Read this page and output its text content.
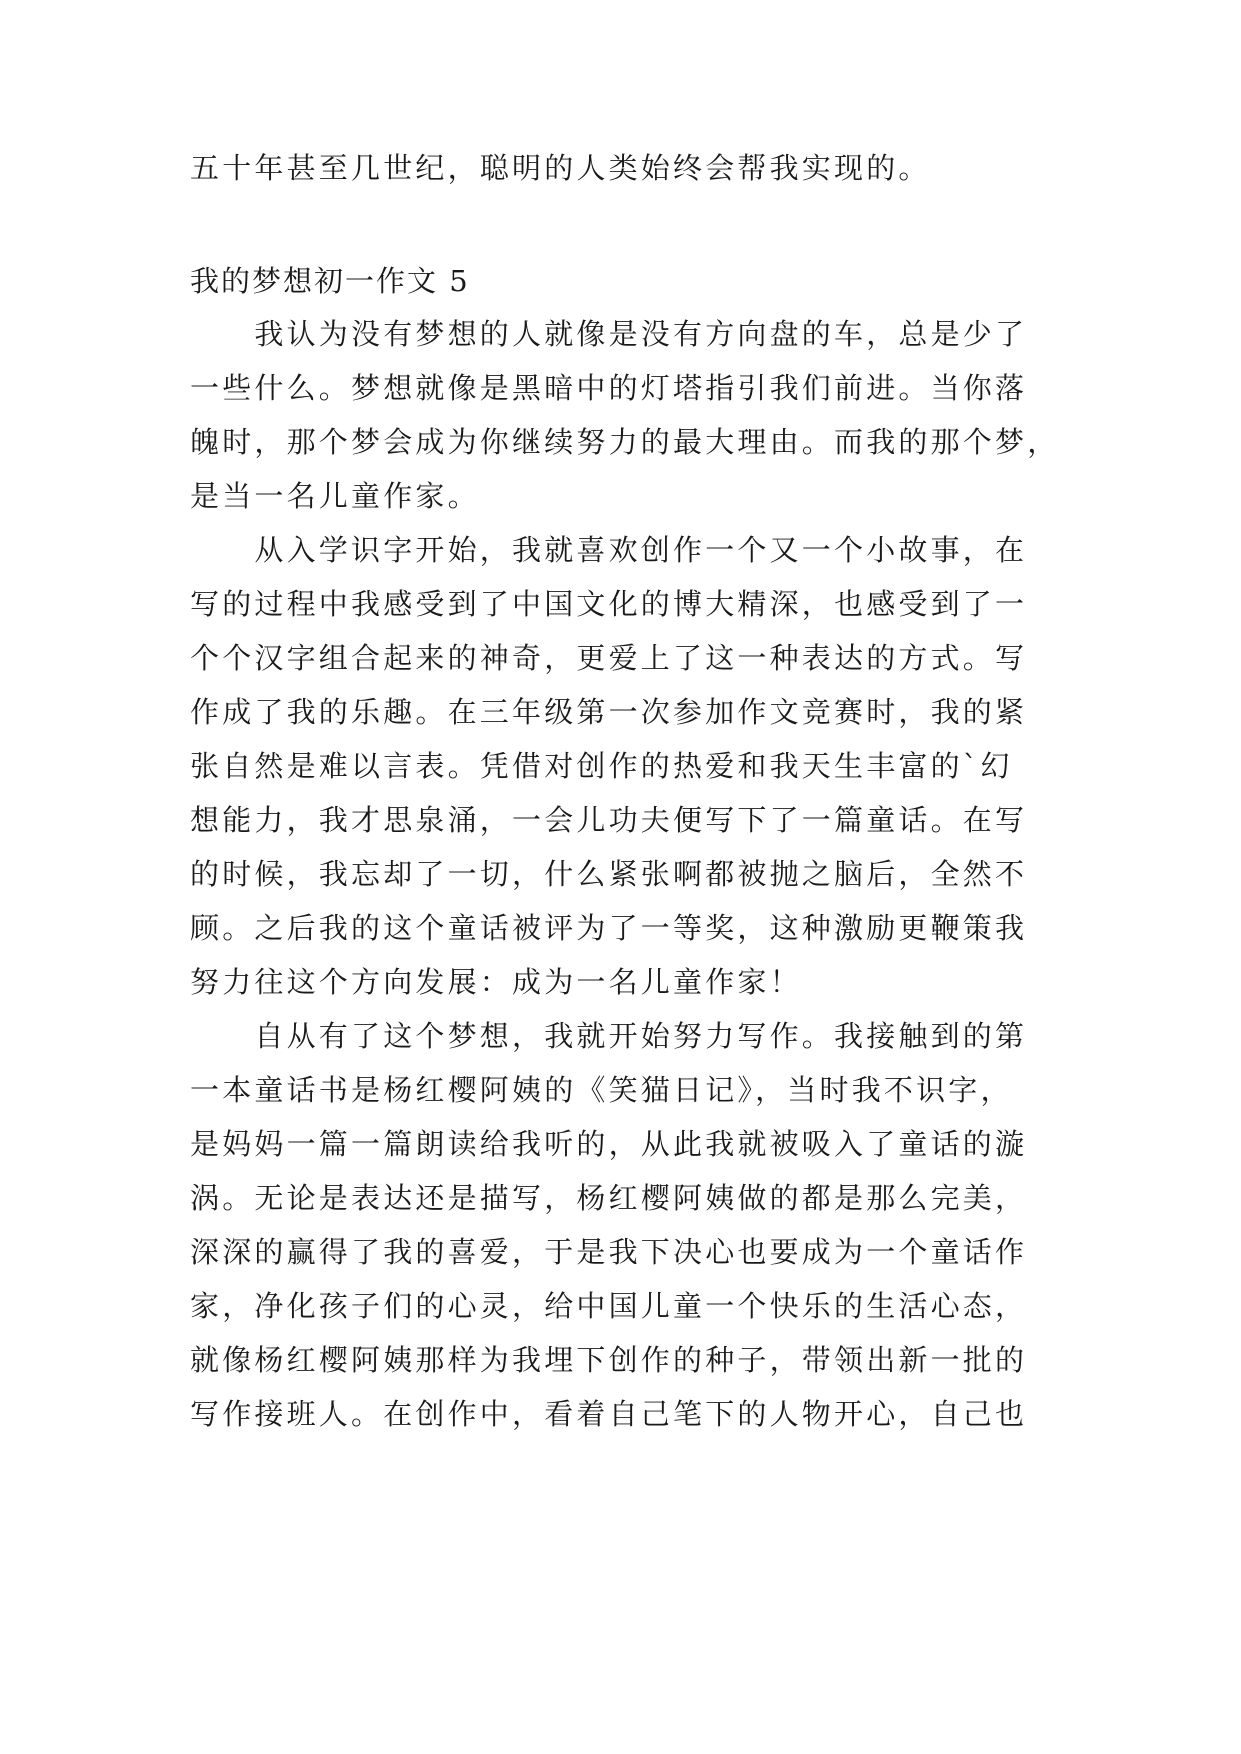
五十年甚至几世纪，聪明的人类始终会帮我实现的。
我的梦想初一作文 5
　　我认为没有梦想的人就像是没有方向盘的车，总是少了
一些什么。梦想就像是黑暗中的灯塔指引我们前进。当你落
魄时，那个梦会成为你继续努力的最大理由。而我的那个梦，
是当一名儿童作家。
　　从入学识字开始，我就喜欢创作一个又一个小故事，在
写的过程中我感受到了中国文化的博大精深，也感受到了一
个个汉字组合起来的神奇，更爱上了这一种表达的方式。写
作成了我的乐趣。在三年级第一次参加作文竞赛时，我的紧
张自然是难以言表。凭借对创作的热爱和我天生丰富的`幻
想能力，我才思泉涌，一会儿功夫便写下了一篇童话。在写
的时候，我忘却了一切，什么紧张啊都被抛之脑后，全然不
顾。之后我的这个童话被评为了一等奖，这种激励更鞭策我
努力往这个方向发展：成为一名儿童作家！
　　自从有了这个梦想，我就开始努力写作。我接触到的第
一本童话书是杨红樱阿姨的《笑猫日记》，当时我不识字，
是妈妈一篇一篇朗读给我听的，从此我就被吸入了童话的漩
涡。无论是表达还是描写，杨红樱阿姨做的都是那么完美，
深深的赢得了我的喜爱，于是我下决心也要成为一个童话作
家，净化孩子们的心灵，给中国儿童一个快乐的生活心态，
就像杨红樱阿姨那样为我埋下创作的种子，带领出新一批的
写作接班人。在创作中，看着自己笔下的人物开心，自己也
